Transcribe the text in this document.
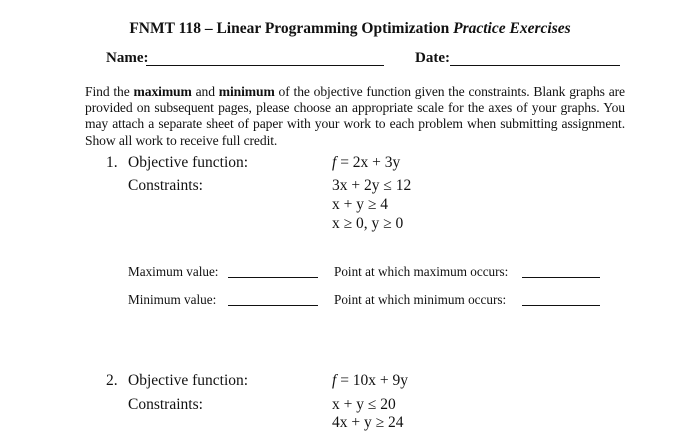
FNMT 118 – Linear Programming Optimization Practice Exercises
Name:	Date:
Find the maximum and minimum of the objective function given the constraints. Blank graphs are provided on subsequent pages, please choose an appropriate scale for the axes of your graphs. You may attach a separate sheet of paper with your work to each problem when submitting assignment. Show all work to receive full credit.
1. Objective function:	f = 2x + 3y
Constraints:	3x + 2y ≤ 12
x + y ≥ 4
x ≥ 0, y ≥ 0
Maximum value:	Point at which maximum occurs:
Minimum value:	Point at which minimum occurs:
2. Objective function:	f = 10x + 9y
Constraints:	x + y ≤ 20
4x + y ≥ 24
